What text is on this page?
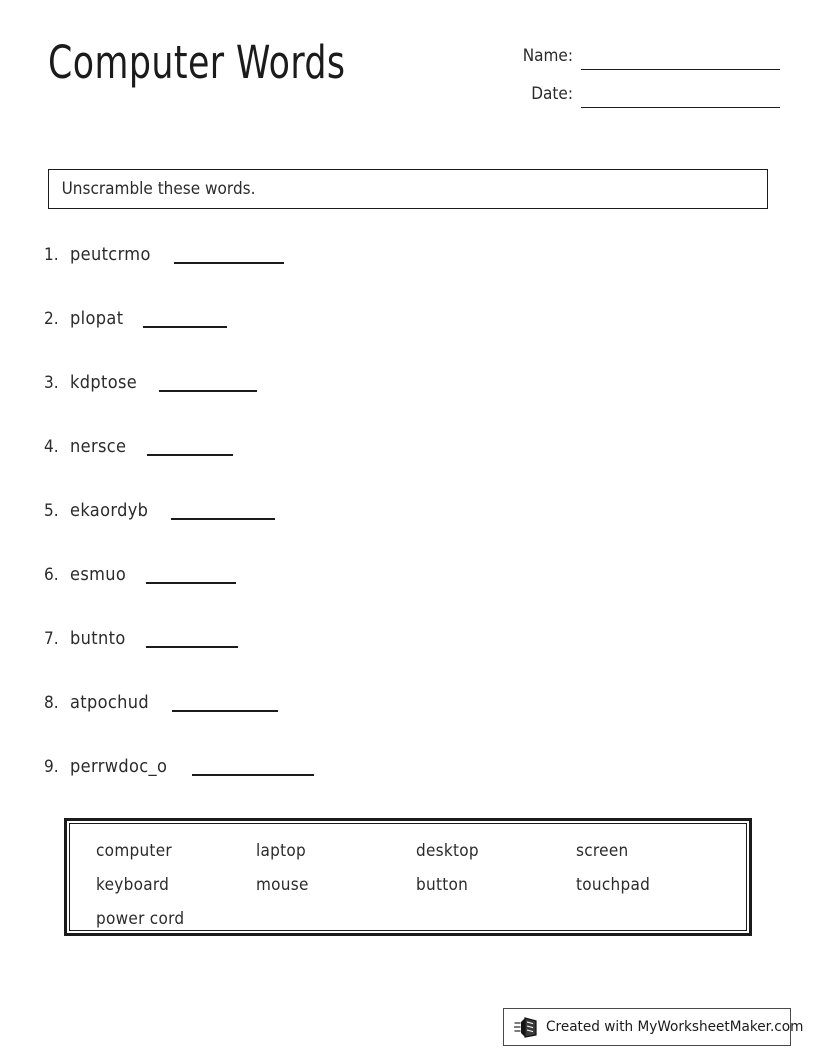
Computer Words	Name:
Date:
Unscramble these words.
1. peutcrmo
2. plopat
3. kdptose
4. nersce
5. ekaordyb
6. esmuo
7. butnto
8. atpochud
9. perrwdoc_o
computer	laptop	desktop	screen
keyboard	mouse	button	touchpad
power cord
Created with MyWorksheetMaker.com
